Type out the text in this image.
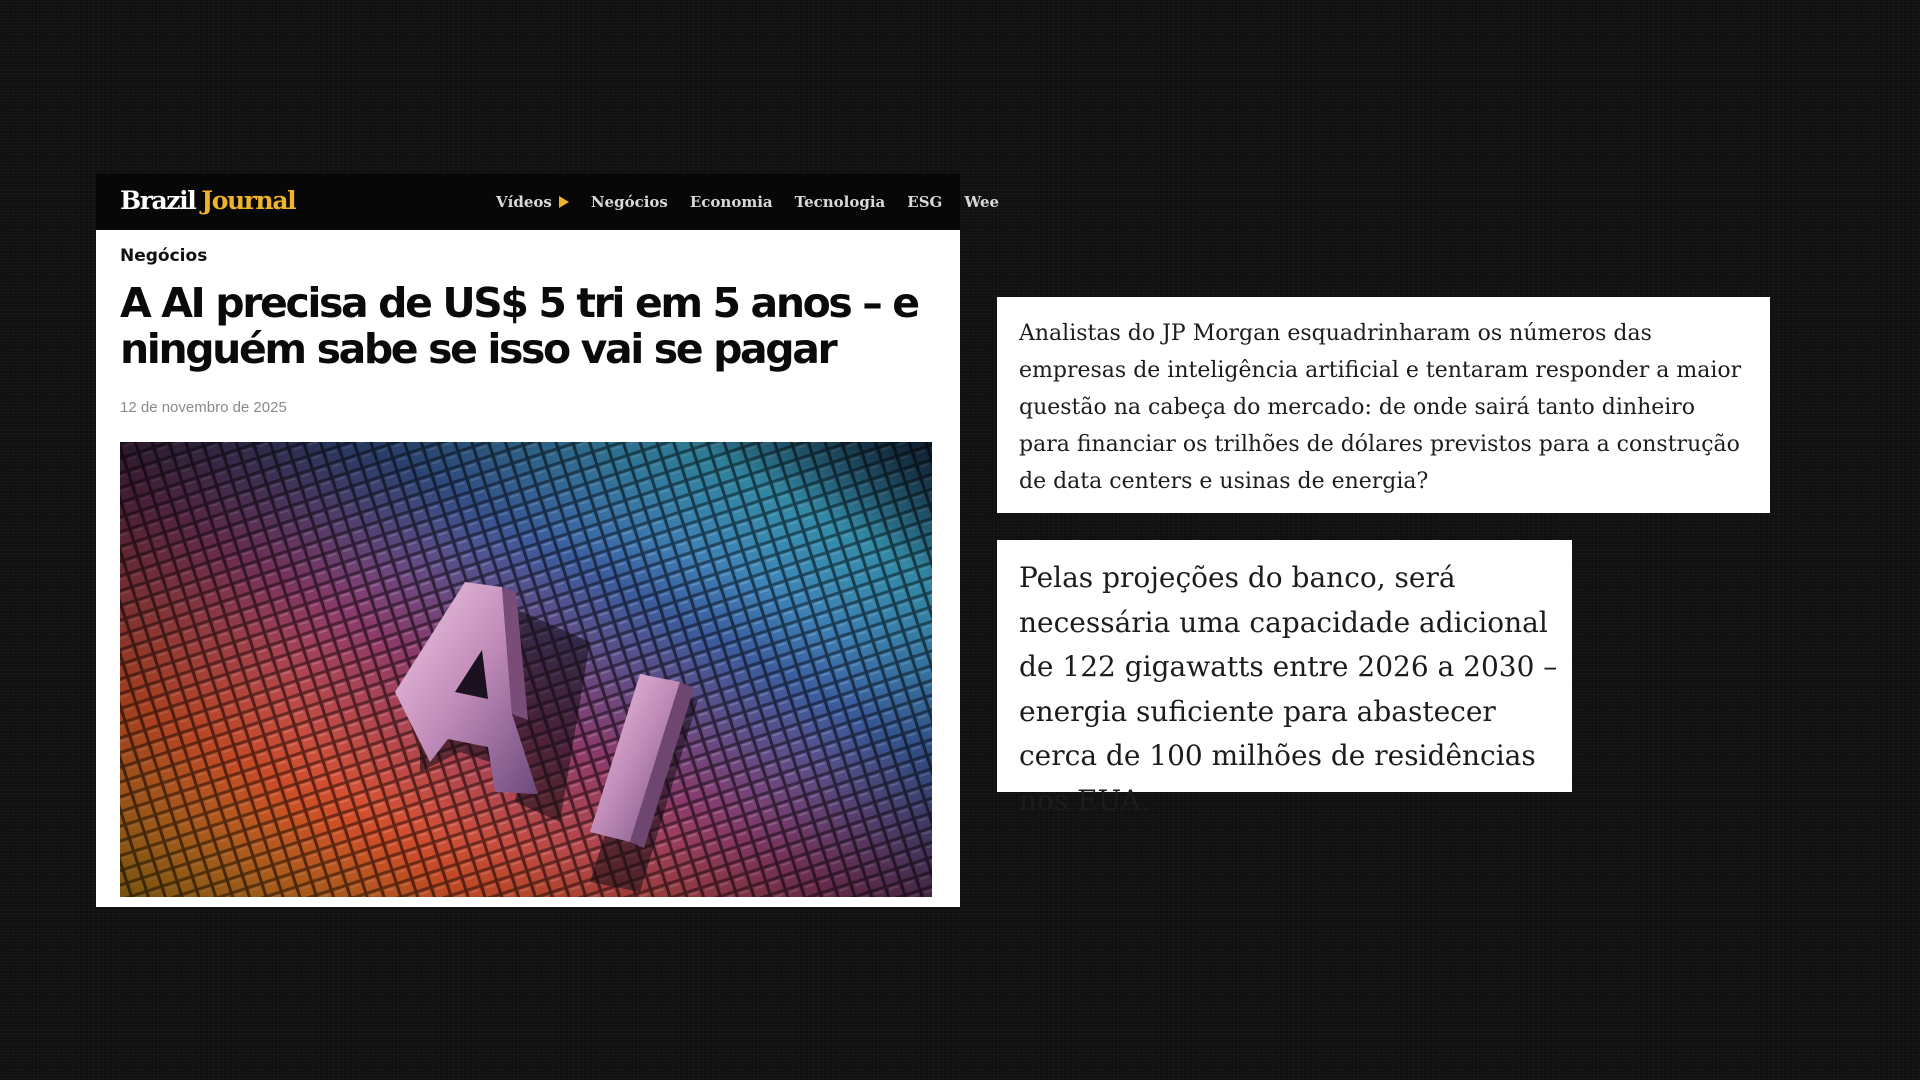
Brazil Journal	Vídeos	Negócios Economia Tecnologia ESG Wee
Negócios
A AI precisa de US$ 5 tri em 5 anos – e ninguém sabe se isso vai se pagar
12 de novembro de 2025
Analistas do JP Morgan esquadrinharam os números das empresas de inteligência artificial e tentaram responder a maior questão na cabeça do mercado: de onde sairá tanto dinheiro para financiar os trilhões de dólares previstos para a construção de data centers e usinas de energia?
Pelas projeções do banco, será necessária uma capacidade adicional de 122 gigawatts entre 2026 a 2030 – energia suficiente para abastecer cerca de 100 milhões de residências nos EUA.
